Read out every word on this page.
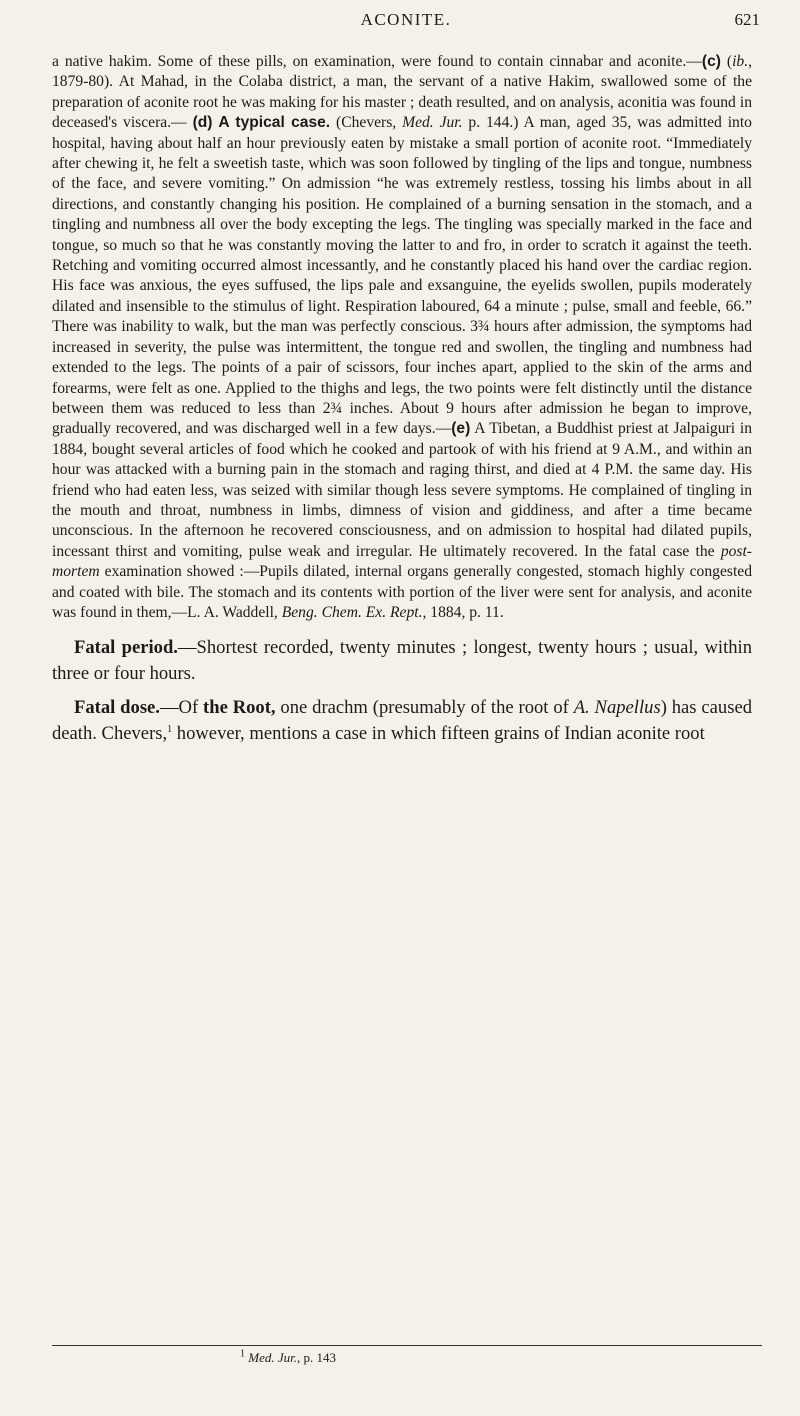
ACONITE.	621

a native hakim. Some of these pills, on examination, were found to contain cinnabar and aconite.—(c) (ib., 1879-80). At Mahad, in the Colaba district, a man, the servant of a native Hakim, swallowed some of the preparation of aconite root he was making for his master ; death resulted, and on analysis, aconitia was found in deceased's viscera.— (d) A typical case. (Chevers, Med. Jur. p. 144.) A man, aged 35, was admitted into hospital, having about half an hour previously eaten by mistake a small portion of aconite root. “Immediately after chewing it, he felt a sweetish taste, which was soon followed by tingling of the lips and tongue, numbness of the face, and severe vomiting.” On admission “he was extremely restless, tossing his limbs about in all directions, and constantly changing his position. He complained of a burning sensation in the stomach, and a tingling and numbness all over the body excepting the legs. The tingling was specially marked in the face and tongue, so much so that he was constantly moving the latter to and fro, in order to scratch it against the teeth. Retching and vomiting occurred almost incessantly, and he constantly placed his hand over the cardiac region. His face was anxious, the eyes suffused, the lips pale and exsanguine, the eyelids swollen, pupils moderately dilated and insensible to the stimulus of light. Respiration laboured, 64 a minute ; pulse, small and feeble, 66.” There was inability to walk, but the man was perfectly conscious. 3¾ hours after admission, the symptoms had increased in severity, the pulse was intermittent, the tongue red and swollen, the tingling and numbness had extended to the legs. The points of a pair of scissors, four inches apart, applied to the skin of the arms and forearms, were felt as one. Applied to the thighs and legs, the two points were felt distinctly until the distance between them was reduced to less than 2¾ inches. About 9 hours after admission he began to improve, gradually recovered, and was discharged well in a few days.—(e) A Tibetan, a Buddhist priest at Jalpaiguri in 1884, bought several articles of food which he cooked and partook of with his friend at 9 A.M., and within an hour was attacked with a burning pain in the stomach and raging thirst, and died at 4 P.M. the same day. His friend who had eaten less, was seized with similar though less severe symptoms. He complained of tingling in the mouth and throat, numbness in limbs, dimness of vision and giddiness, and after a time became unconscious. In the afternoon he recovered consciousness, and on admission to hospital had dilated pupils, incessant thirst and vomiting, pulse weak and irregular. He ultimately recovered. In the fatal case the post-mortem examination showed :—Pupils dilated, internal organs generally congested, stomach highly congested and coated with bile. The stomach and its contents with portion of the liver were sent for analysis, and aconite was found in them,—L. A. Waddell, Beng. Chem. Ex. Rept., 1884, p. 11.

Fatal period.—Shortest recorded, twenty minutes ; longest, twenty hours ; usual, within three or four hours.

Fatal dose.—Of the Root, one drachm (presumably of the root of A. Napellus) has caused death. Chevers,$^1$ however, mentions a case in which fifteen grains of Indian aconite root

$^1$ Med. Jur., p. 143
